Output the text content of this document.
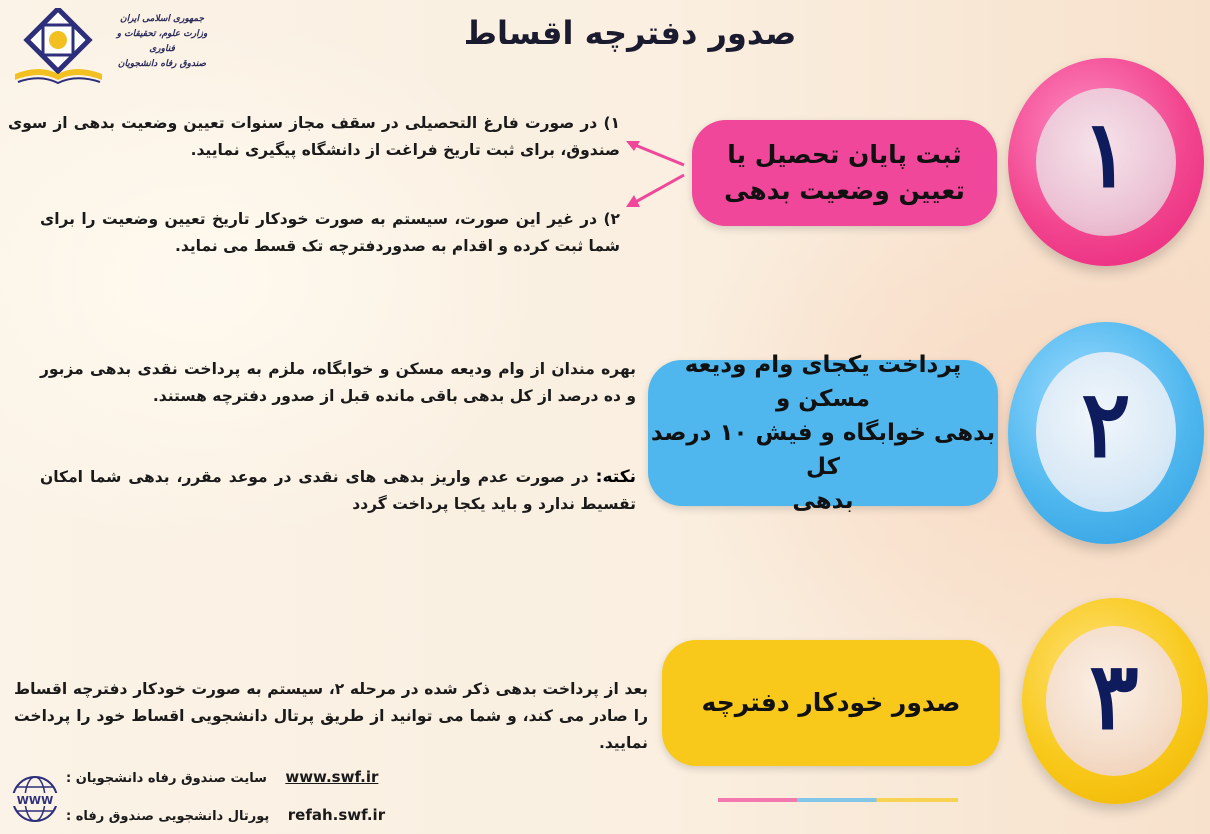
جمهوری اسلامی ایران
وزارت علوم، تحقیقات و فناوری
صندوق رفاه دانشجویان
صدور دفترچه اقساط
۱
ثبت پایان تحصیل یا
تعیین وضعیت بدهی
۱) در صورت فارغ التحصیلی در سقف مجاز سنوات تعیین وضعیت بدهی از سوی صندوق، برای ثبت تاریخ فراغت از دانشگاه پیگیری نمایید.
۲) در غیر این صورت، سیستم به صورت خودکار تاریخ تعیین وضعیت را برای شما ثبت کرده و اقدام به صدوردفترچه تک قسط می نماید.
۲
پرداخت یکجای وام ودیعه مسکن و
بدهی خوابگاه و فیش ۱۰ درصد کل
بدهی
بهره مندان از وام ودیعه مسکن و خوابگاه، ملزم به پرداخت نقدی بدهی مزبور و ده درصد از کل بدهی باقی مانده قبل از صدور دفترچه هستند.
نکته: در صورت عدم واریز بدهی های نقدی در موعد مقرر، بدهی شما امکان تقسیط ندارد و باید یکجا پرداخت گردد
۳
صدور خودکار دفترچه
بعد از پرداخت بدهی ذکر شده در مرحله ۲، سیستم به صورت خودکار دفترچه اقساط را صادر می کند، و شما می توانید از طریق پرتال دانشجویی اقساط خود را پرداخت نمایید.
WWW
: سایت صندوق رفاه دانشجویان www.swf.ir
: پورتال دانشجویی صندوق رفاه refah.swf.ir
